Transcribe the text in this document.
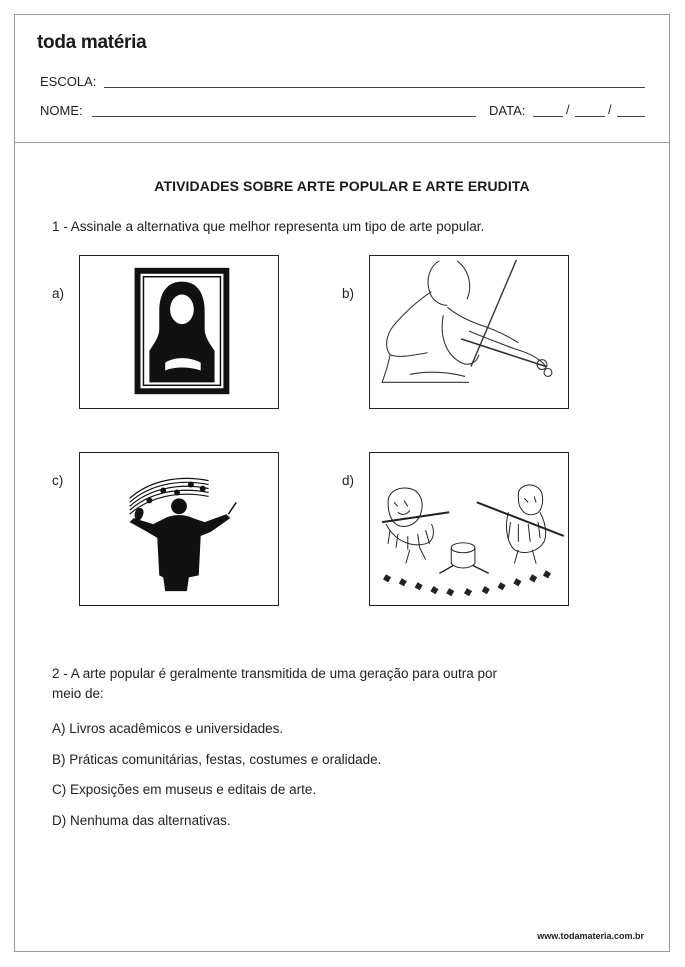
toda matéria
ESCOLA:
NOME:	DATA:	/	/
ATIVIDADES SOBRE ARTE POPULAR E ARTE ERUDITA
1 - Assinale a alternativa que melhor representa um tipo de arte popular.
a)	b)
c)	d)
2 - A arte popular é geralmente transmitida de uma geração para outra por
meio de:
A) Livros acadêmicos e universidades.
B) Práticas comunitárias, festas, costumes e oralidade.
C) Exposições em museus e editais de arte.
D) Nenhuma das alternativas.
www.todamateria.com.br
